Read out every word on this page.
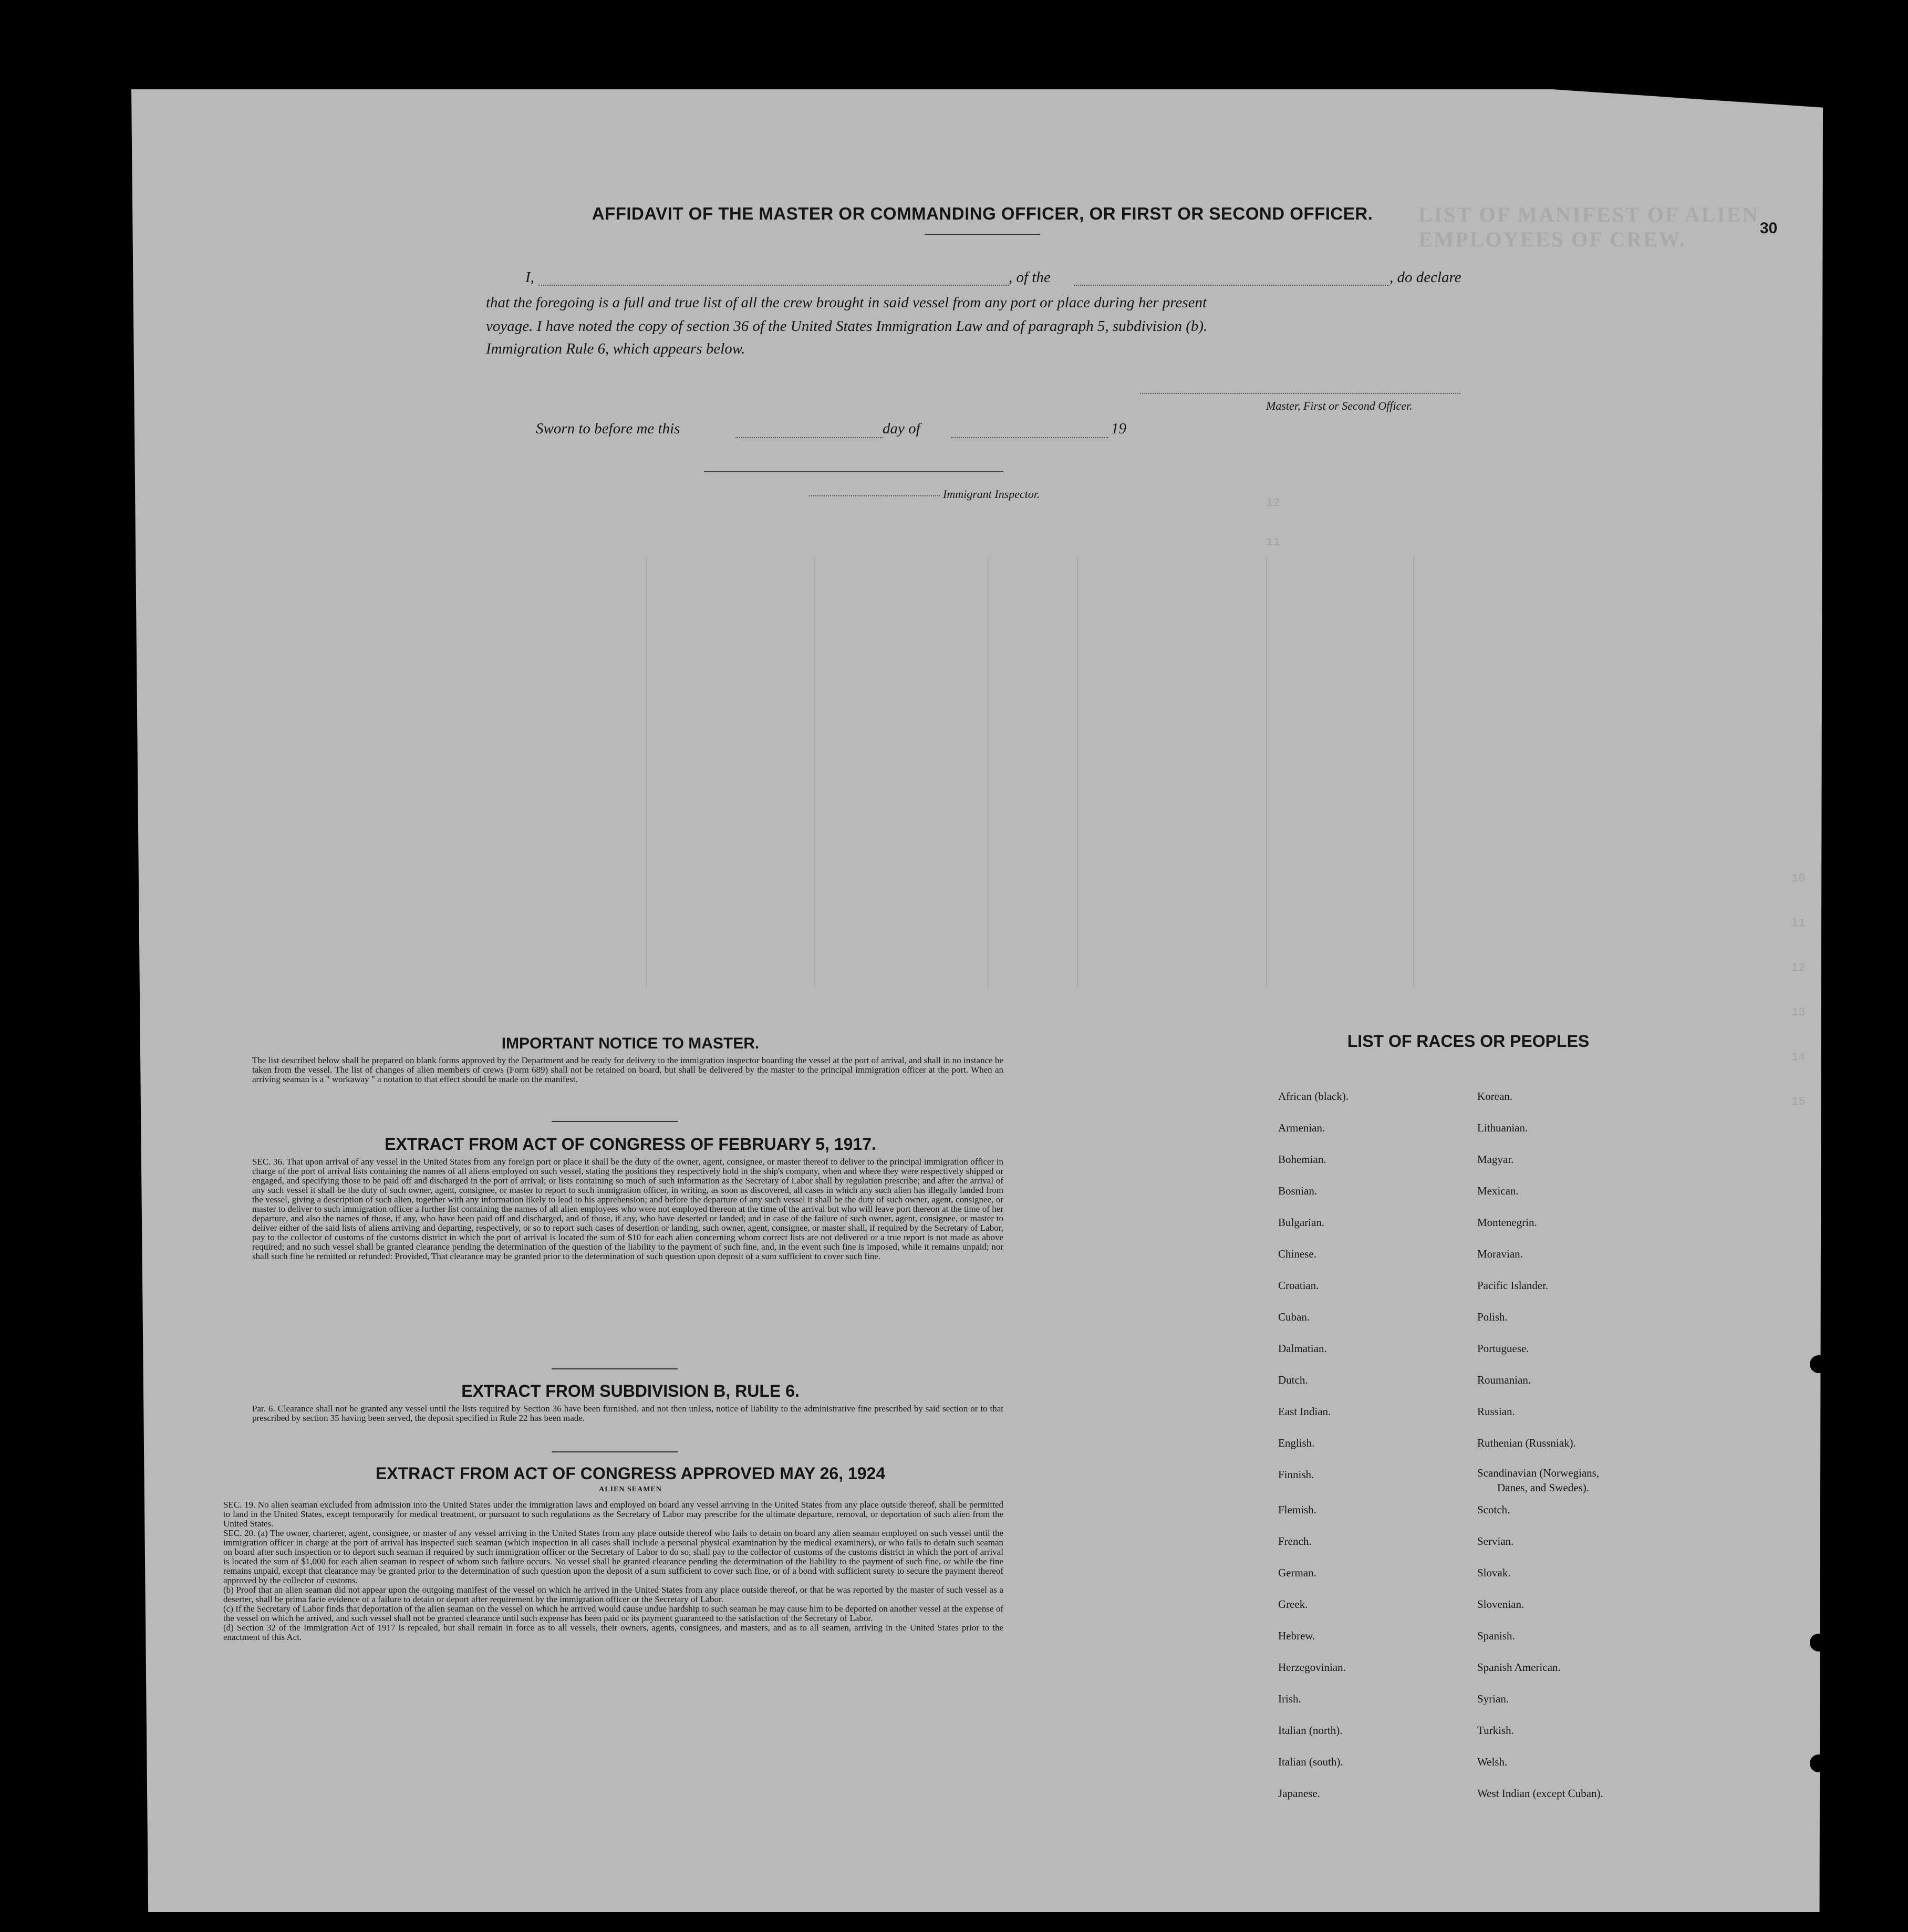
LIST OF MANIFEST OF ALIEN EMPLOYEES OF CREW.
12
11
10
11
12
13
14
15
30
AFFIDAVIT OF THE MASTER OR COMMANDING OFFICER, OR FIRST OR SECOND OFFICER.
I,	, of the	, do declare
that the foregoing is a full and true list of all the crew brought in said vessel from any port or place during her present
voyage. I have noted the copy of section 36 of the United States Immigration Law and of paragraph 5, subdivision (b).
Immigration Rule 6, which appears below.
Master, First or Second Officer.
Sworn to before me this	day of	19
Immigrant Inspector.
IMPORTANT NOTICE TO MASTER.
The list described below shall be prepared on blank forms approved by the Department and be ready for delivery to the immigration inspector boarding the vessel at the port of arrival, and shall in no instance be taken from the vessel. The list of changes of alien members of crews (Form 689) shall not be retained on board, but shall be delivered by the master to the principal immigration officer at the port. When an arriving seaman is a " workaway " a notation to that effect should be made on the manifest.
EXTRACT FROM ACT OF CONGRESS OF FEBRUARY 5, 1917.
SEC. 36. That upon arrival of any vessel in the United States from any foreign port or place it shall be the duty of the owner, agent, consignee, or master thereof to deliver to the principal immigration officer in charge of the port of arrival lists containing the names of all aliens employed on such vessel, stating the positions they respectively hold in the ship's company, when and where they were respectively shipped or engaged, and specifying those to be paid off and discharged in the port of arrival; or lists containing so much of such information as the Secretary of Labor shall by regulation prescribe; and after the arrival of any such vessel it shall be the duty of such owner, agent, consignee, or master to report to such immigration officer, in writing, as soon as discovered, all cases in which any such alien has illegally landed from the vessel, giving a description of such alien, together with any information likely to lead to his apprehension; and before the departure of any such vessel it shall be the duty of such owner, agent, consignee, or master to deliver to such immigration officer a further list containing the names of all alien employees who were not employed thereon at the time of the arrival but who will leave port thereon at the time of her departure, and also the names of those, if any, who have been paid off and discharged, and of those, if any, who have deserted or landed; and in case of the failure of such owner, agent, consignee, or master to deliver either of the said lists of aliens arriving and departing, respectively, or so to report such cases of desertion or landing, such owner, agent, consignee, or master shall, if required by the Secretary of Labor, pay to the collector of customs of the customs district in which the port of arrival is located the sum of $10 for each alien concerning whom correct lists are not delivered or a true report is not made as above required; and no such vessel shall be granted clearance pending the determination of the question of the liability to the payment of such fine, and, in the event such fine is imposed, while it remains unpaid; nor shall such fine be remitted or refunded: Provided, That clearance may be granted prior to the determination of such question upon deposit of a sum sufficient to cover such fine.
EXTRACT FROM SUBDIVISION B, RULE 6.
Par. 6. Clearance shall not be granted any vessel until the lists required by Section 36 have been furnished, and not then unless, notice of liability to the administrative fine prescribed by said section or to that prescribed by section 35 having been served, the deposit specified in Rule 22 has been made.
EXTRACT FROM ACT OF CONGRESS APPROVED MAY 26, 1924
ALIEN SEAMEN
SEC. 19. No alien seaman excluded from admission into the United States under the immigration laws and employed on board any vessel arriving in the United States from any place outside thereof, shall be permitted to land in the United States, except temporarily for medical treatment, or pursuant to such regulations as the Secretary of Labor may prescribe for the ultimate departure, removal, or deportation of such alien from the United States.
SEC. 20. (a) The owner, charterer, agent, consignee, or master of any vessel arriving in the United States from any place outside thereof who fails to detain on board any alien seaman employed on such vessel until the immigration officer in charge at the port of arrival has inspected such seaman (which inspection in all cases shall include a personal physical examination by the medical examiners), or who fails to detain such seaman on board after such inspection or to deport such seaman if required by such immigration officer or the Secretary of Labor to do so, shall pay to the collector of customs of the customs district in which the port of arrival is located the sum of $1,000 for each alien seaman in respect of whom such failure occurs. No vessel shall be granted clearance pending the determination of the liability to the payment of such fine, or while the fine remains unpaid, except that clearance may be granted prior to the determination of such question upon the deposit of a sum sufficient to cover such fine, or of a bond with sufficient surety to secure the payment thereof approved by the collector of customs.
(b) Proof that an alien seaman did not appear upon the outgoing manifest of the vessel on which he arrived in the United States from any place outside thereof, or that he was reported by the master of such vessel as a deserter, shall be prima facie evidence of a failure to detain or deport after requirement by the immigration officer or the Secretary of Labor.
(c) If the Secretary of Labor finds that deportation of the alien seaman on the vessel on which he arrived would cause undue hardship to such seaman he may cause him to be deported on another vessel at the expense of the vessel on which he arrived, and such vessel shall not be granted clearance until such expense has been paid or its payment guaranteed to the satisfaction of the Secretary of Labor.
(d) Section 32 of the Immigration Act of 1917 is repealed, but shall remain in force as to all vessels, their owners, agents, consignees, and masters, and as to all seamen, arriving in the United States prior to the enactment of this Act.
LIST OF RACES OR PEOPLES
African (black).
Armenian.
Bohemian.
Bosnian.
Bulgarian.
Chinese.
Croatian.
Cuban.
Dalmatian.
Dutch.
East Indian.
English.
Finnish.
Flemish.
French.
German.
Greek.
Hebrew.
Herzegovinian.
Irish.
Italian (north).
Italian (south).
Japanese.
Korean.
Lithuanian.
Magyar.
Mexican.
Montenegrin.
Moravian.
Pacific Islander.
Polish.
Portuguese.
Roumanian.
Russian.
Ruthenian (Russniak).
Scandinavian (Norwegians,
Danes, and Swedes).
Scotch.
Servian.
Slovak.
Slovenian.
Spanish.
Spanish American.
Syrian.
Turkish.
Welsh.
West Indian (except Cuban).
